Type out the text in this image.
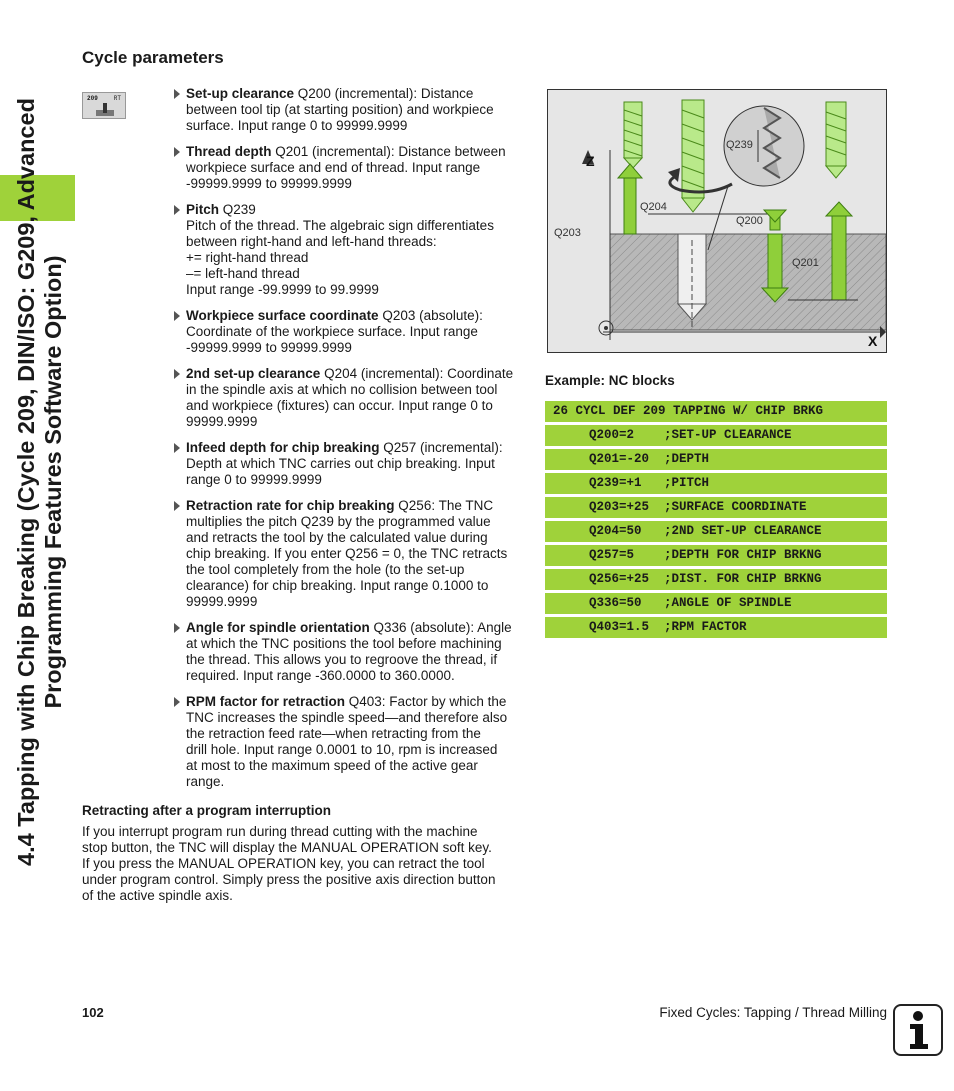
4.4 Tapping with Chip Breaking (Cycle 209, DIN/ISO: G209, Advanced Programming Features Software Option)
Cycle parameters
209	RT	Set-up clearance Q200 (incremental): Distance
between tool tip (at starting position) and workpiece
surface. Input range 0 to 99999.9999
Thread depth Q201 (incremental): Distance between
workpiece surface and end of thread. Input range
-99999.9999 to 99999.9999
Pitch Q239
Pitch of the thread. The algebraic sign differentiates
between right-hand and left-hand threads:
+= right-hand thread
–= left-hand thread
Input range -99.9999 to 99.9999
Workpiece surface coordinate Q203 (absolute):
Coordinate of the workpiece surface. Input range
-99999.9999 to 99999.9999
2nd set-up clearance Q204 (incremental): Coordinate
in the spindle axis at which no collision between tool
and workpiece (fixtures) can occur. Input range 0 to
99999.9999
Infeed depth for chip breaking Q257 (incremental):
Depth at which TNC carries out chip breaking. Input
range 0 to 99999.9999
Retraction rate for chip breaking Q256: The TNC
multiplies the pitch Q239 by the programmed value
and retracts the tool by the calculated value during
chip breaking. If you enter Q256 = 0, the TNC retracts
the tool completely from the hole (to the set-up
clearance) for chip breaking. Input range 0.1000 to
99999.9999
Angle for spindle orientation Q336 (absolute): Angle
at which the TNC positions the tool before machining
the thread. This allows you to regroove the thread, if
required. Input range -360.0000 to 360.0000.
RPM factor for retraction Q403: Factor by which the
TNC increases the spindle speed—and therefore also
the retraction feed rate—when retracting from the
drill hole. Input range 0.0001 to 10, rpm is increased
at most to the maximum speed of the active gear
range.
Retracting after a program interruption
If you interrupt program run during thread cutting with the machine
stop button, the TNC will display the MANUAL OPERATION soft key.
If you press the MANUAL OPERATION key, you can retract the tool
under program control. Simply press the positive axis direction button
of the active spindle axis.
Z
X
Q239
Q204
Q200
Q203
Q201
Example: NC blocks
26 CYCL DEF 209 TAPPING W/ CHIP BRKG
Q200=2    ;SET-UP CLEARANCE
Q201=-20  ;DEPTH
Q239=+1   ;PITCH
Q203=+25  ;SURFACE COORDINATE
Q204=50   ;2ND SET-UP CLEARANCE
Q257=5    ;DEPTH FOR CHIP BRKNG
Q256=+25  ;DIST. FOR CHIP BRKNG
Q336=50   ;ANGLE OF SPINDLE
Q403=1.5  ;RPM FACTOR
102	Fixed Cycles: Tapping / Thread Milling
